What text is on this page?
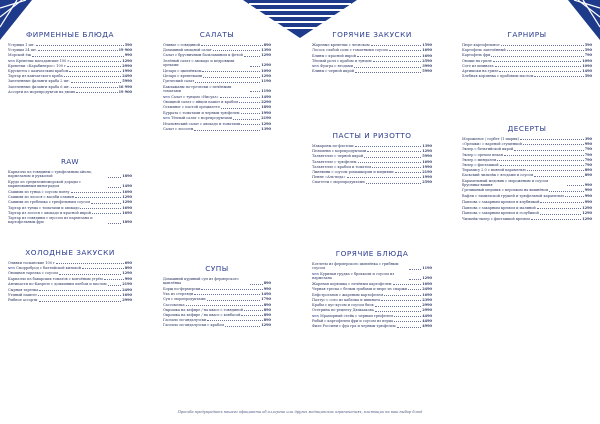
ФИРМЕННЫЕ БЛЮДА
Устрицы 1 шт.	590
Устрицы 24 шт.	19 900
Морской ёж	990
NEWКреветки магаданские 100 г	1290
Креветки «Карабинерос» 100 г	2990
Брускетта с камчатским крабом	1990
Тартар из камчатского краба	2490
Запеченные фаланги краба 2 шт.	5990
Запеченные фаланги краба 6 шт.	16 990
Ассорти из морепродуктов на двоих	19 900
RAW
Карпаччо из говядины с трюфельным айоли, пармезаном и рукколой	1890
Крудо из средиземноморской дорады с маринованным виноградом	1490
Сашими из тунца с соусом понзу	1690
Сашими из лосося с васаби ольмин	1290
Сашими из гребешка с трюфельным соусом	1290
Тартар из тунца с томатами и авокадо	1690
Тартар из лосося с авокадо и красной икрой	1690
Тартар из говядины с муссом из пармезана и картофельным фри	1890
ХОЛОДНЫЕ ЗАКУСКИ
Оливки тосканские 100 г	690
NEWСморреброд с балтийской килькой	890
Овощная тарелка с соусом	1290
Карпаччо из баварских томатов с копчёным угрём	990
Антипасти по-Капрезе с домашним хлебом и маслом	2190
Сырная тарелка	2490
Утиный паштет	1690
Рыбное ассорти	2990
САЛАТЫ
Оливье с говядиной	890
Домашний овощной салат	1390
Салат с брусничным бальзамином и фетой	1290
Зелёный салат с авокадо и кедровыми орехами	1290
Цезарь с цыплёнком	1090
Цезарь с креветками	1290
Греческий салат	1190
Баклажаны по-гречески с печёными томатами	1190
NEWСалат с тунцом «Нисуаз»	1490
Овощной салат с яйцом пашот и крабом	2290
Осьминог с пастой орецкьетте	1890
Буррата с томатами и черным трюфелем	1990
NEWТёплый салат с морепродуктами	2190
Итальянский салат с авокадо и томатами	1290
Салат с лососем	1390
СУПЫ
Домашний куриный суп из фермерского цыплёнка	890
Борщ по-фермерски	990
Уха из стерляди	1490
Суп с морепродуктами	1790
Сассоколка	890
Окрошка на кефире / на квасе с говядиной	890
Окрошка на кефире / на квасе с ковбасой	890
Гаспачо по-андалузски	890
Гаспачо по-андалузски с крабом	1290
ГОРЯЧИЕ ЗАКУСКИ
Жареные креветки с чесноком	1590
Лосось слабой соли с томатными соусом	1690
Блины с красной икрой	1690
Тёплый ролл с крабом и тунцом	2590
NEWФуагра с ягодами	3990
Блины с черной икрой	5990
ПАСТЫ И РИЗОТТО
Макароны по-флотски	1390
Пельмени с морепродуктами	1290
Тальятелле с черной икрой	5990
Тальятелле с трюфелем	1690
Тальятелле с крабом и томатом	1990
Лингвини с соусом ромашкорин и мидиями	2190
Пенне «Аль-вода»	1990
Спагетти с морепродуктами	2590
ГОРЯЧИЕ БЛЮДА
Котлеты из фермерского цыплёнка с грибным соусом	1190
NEWКуриная грудка с брокколи и соусом из пармезана	1290
Жареная корюшка с печёным картофелем	1690
Черная треска с белым грибами и пюре из спаржи	2490
Бефстроганов с жареным картофелем	1690
Палтус с сото из кабачка и шпината	2390
Крабы с кус-кусом и соусом биск	2990
Осетрина по-рецепту Дюмаакова	2990
NEWМраморный стейк с черным трюфелем	4490
Рибай с картофелем фри и соусом из перца	4490
Филе Россини с фуа гра и черным трюфелем	4990
ГАРНИРЫ
Пюре картофельное	590
Картофель запечённый	590
Картофель фри	790
Овощи на гриле	1090
Соте из шпината	1090
Артишоки на гриле	1490
Хлебная корзинка с крабовым маслом	590
ДЕСЕРТЫ
Мороженое / сорбет (1 шарик)	390
«Орешки» с вареной сгущенкой	990
Эклер с бельгийской икрой	790
Эклер с орехом пекан	790
Эклер с миндалем	790
Эклер с фисташкой	790
Тирамису 2.0 с пьяной карамелью	890
Баскский чизкейк с ягодами и соусом	890
Карамельный медовик с мороженым и соусом брусника-вишня	990
Гречишный медовик с персиком на вишнёвом	990
Вафли с тамильской грушей и трюфельной карамелью	990
Павлова с захарным кремом и клубникой	990
Павлова с захарным кремом и малиной	1290
Павлова с захарным кремом и голубикой	1290
Чизкейк-эклер с фисташкой кремом	1290
Просьба предупредить нашего официанта об аллергии или других медицинских ограничениях, влияющих на ваш выбор блюд
